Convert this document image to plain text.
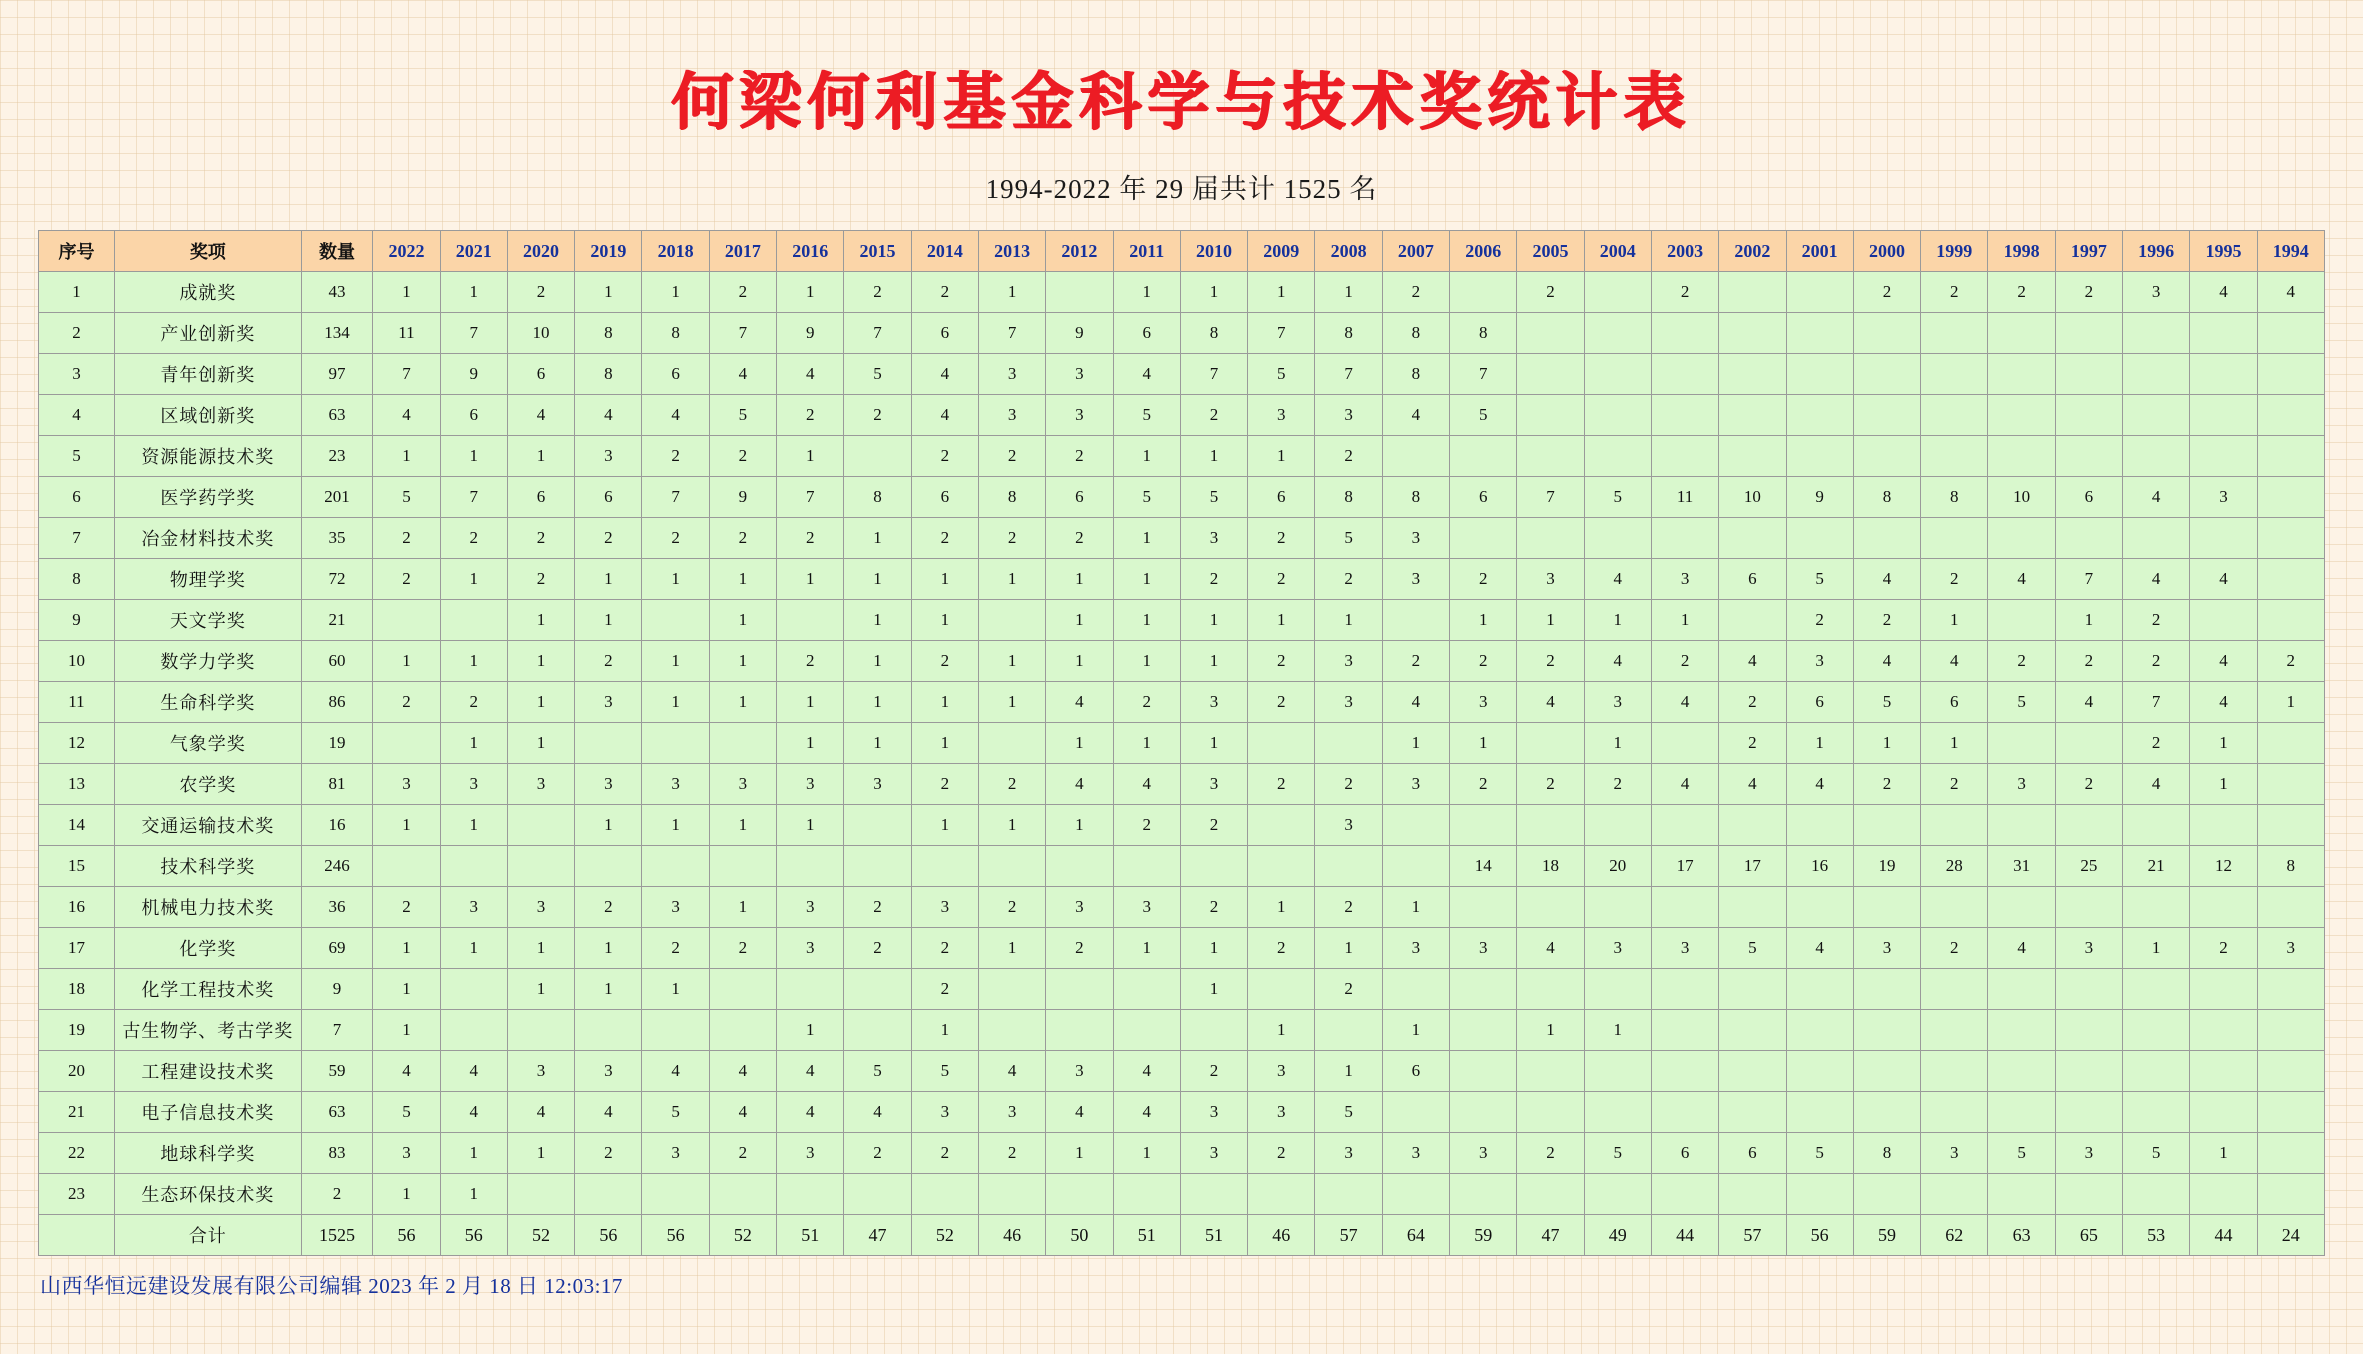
何梁何利基金科学与技术奖统计表
1994-2022 年 29 届共计 1525 名
序号	奖项	数量	2022	2021	2020	2019	2018	2017	2016	2015	2014	2013	2012	2011	2010	2009	2008	2007	2006	2005	2004	2003	2002	2001	2000	1999	1998	1997	1996	1995	1994
1	成就奖	43	1	1	2	1	1	2	1	2	2	1		1	1	1	1	2		2		2			2	2	2	2	3	4	4
2	产业创新奖	134	11	7	10	8	8	7	9	7	6	7	9	6	8	7	8	8	8												
3	青年创新奖	97	7	9	6	8	6	4	4	5	4	3	3	4	7	5	7	8	7												
4	区域创新奖	63	4	6	4	4	4	5	2	2	4	3	3	5	2	3	3	4	5												
5	资源能源技术奖	23	1	1	1	3	2	2	1		2	2	2	1	1	1	2														
6	医学药学奖	201	5	7	6	6	7	9	7	8	6	8	6	5	5	6	8	8	6	7	5	11	10	9	8	8	10	6	4	3	
7	冶金材料技术奖	35	2	2	2	2	2	2	2	1	2	2	2	1	3	2	5	3													
8	物理学奖	72	2	1	2	1	1	1	1	1	1	1	1	1	2	2	2	3	2	3	4	3	6	5	4	2	4	7	4	4	
9	天文学奖	21			1	1		1		1	1		1	1	1	1	1		1	1	1	1		2	2	1		1	2		
10	数学力学奖	60	1	1	1	2	1	1	2	1	2	1	1	1	1	2	3	2	2	2	4	2	4	3	4	4	2	2	2	4	2
11	生命科学奖	86	2	2	1	3	1	1	1	1	1	1	4	2	3	2	3	4	3	4	3	4	2	6	5	6	5	4	7	4	1
12	气象学奖	19		1	1				1	1	1		1	1	1			1	1		1		2	1	1	1			2	1	
13	农学奖	81	3	3	3	3	3	3	3	3	2	2	4	4	3	2	2	3	2	2	2	4	4	4	2	2	3	2	4	1	
14	交通运输技术奖	16	1	1		1	1	1	1		1	1	1	2	2		3														
15	技术科学奖	246																	14	18	20	17	17	16	19	28	31	25	21	12	8
16	机械电力技术奖	36	2	3	3	2	3	1	3	2	3	2	3	3	2	1	2	1													
17	化学奖	69	1	1	1	1	2	2	3	2	2	1	2	1	1	2	1	3	3	4	3	3	5	4	3	2	4	3	1	2	3
18	化学工程技术奖	9	1		1	1	1				2				1		2														
19	古生物学、考古学奖	7	1						1		1					1		1		1	1										
20	工程建设技术奖	59	4	4	3	3	4	4	4	5	5	4	3	4	2	3	1	6													
21	电子信息技术奖	63	5	4	4	4	5	4	4	4	3	3	4	4	3	3	5														
22	地球科学奖	83	3	1	1	2	3	2	3	2	2	2	1	1	3	2	3	3	3	2	5	6	6	5	8	3	5	3	5	1	
23	生态环保技术奖	2	1	1																											
	合计	1525	56	56	52	56	56	52	51	47	52	46	50	51	51	46	57	64	59	47	49	44	57	56	59	62	63	65	53	44	24
山西华恒远建设发展有限公司编辑 2023 年 2 月 18 日 12:03:17
